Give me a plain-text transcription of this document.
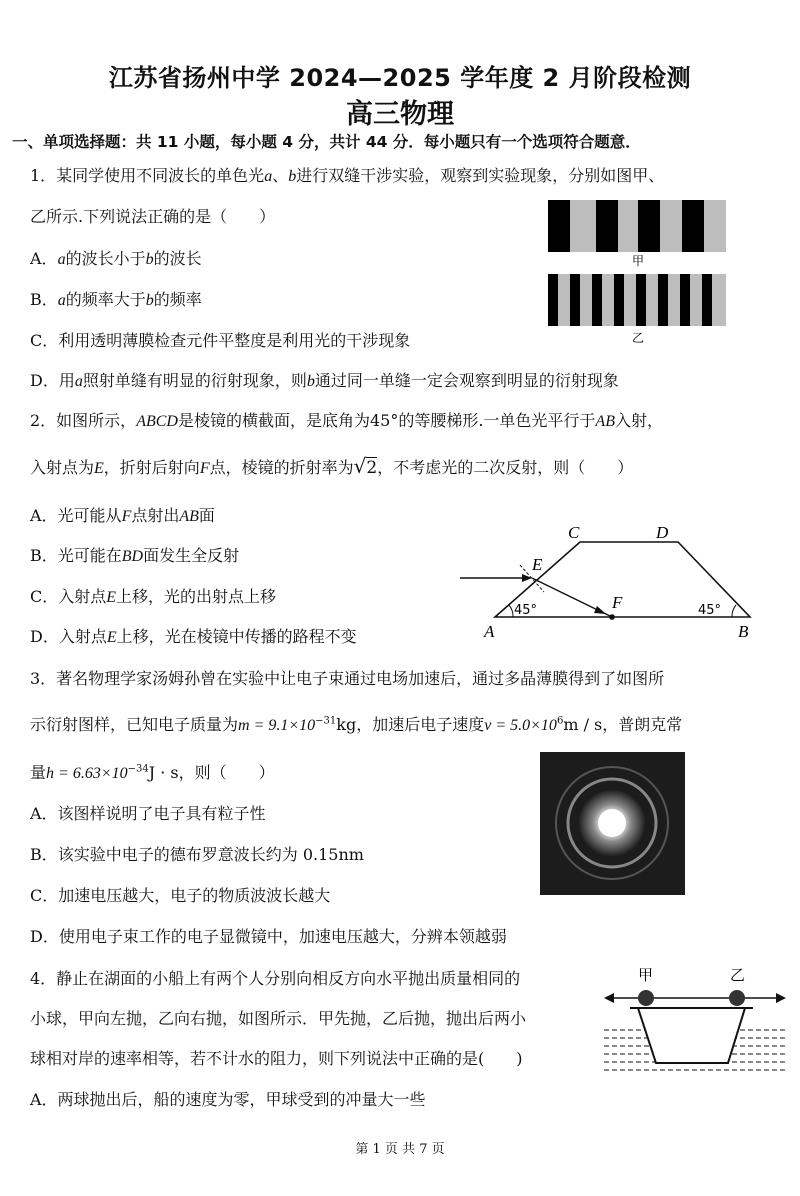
江苏省扬州中学 2024—2025 学年度 2 月阶段检测
高三物理
一、单项选择题：共 11 小题，每小题 4 分，共计 44 分．每小题只有一个选项符合题意．
1．某同学使用不同波长的单色光a、b进行双缝干涉实验，观察到实验现象，分别如图甲、
乙所示.下列说法正确的是（　　）
A．a的波长小于b的波长
B．a的频率大于b的频率
C．利用透明薄膜检查元件平整度是利用光的干涉现象
D．用a照射单缝有明显的衍射现象，则b通过同一单缝一定会观察到明显的衍射现象
甲
乙
2．如图所示，ABCD是棱镜的横截面，是底角为45°的等腰梯形.一单色光平行于AB入射，
入射点为E，折射后射向F点，棱镜的折射率为√2，不考虑光的二次反射，则（　　）
A．光可能从F点射出AB面
B．光可能在BD面发生全反射
C．入射点E上移，光的出射点上移
D．入射点E上移，光在棱镜中传播的路程不变
C	D
E
F
A	B
45°	45°
3．著名物理学家汤姆孙曾在实验中让电子束通过电场加速后，通过多晶薄膜得到了如图所
示衍射图样，已知电子质量为$m = 9.1\times 10^{-31}kg$，加速后电子速度$v = 5.0\times 10^6m / s$，普朗克常
量$h = 6.63\times 10^{-34}J \cdot s$，则（　　）
A．该图样说明了电子具有粒子性
B．该实验中电子的德布罗意波长约为 0.15nm
C．加速电压越大，电子的物质波波长越大
D．使用电子束工作的电子显微镜中，加速电压越大，分辨本领越弱
4．静止在湖面的小船上有两个人分别向相反方向水平抛出质量相同的
小球，甲向左抛，乙向右抛，如图所示．甲先抛，乙后抛，抛出后两小
球相对岸的速率相等，若不计水的阻力，则下列说法中正确的是(　　)
A．两球抛出后，船的速度为零，甲球受到的冲量大一些
甲	乙
第 1 页 共 7 页
